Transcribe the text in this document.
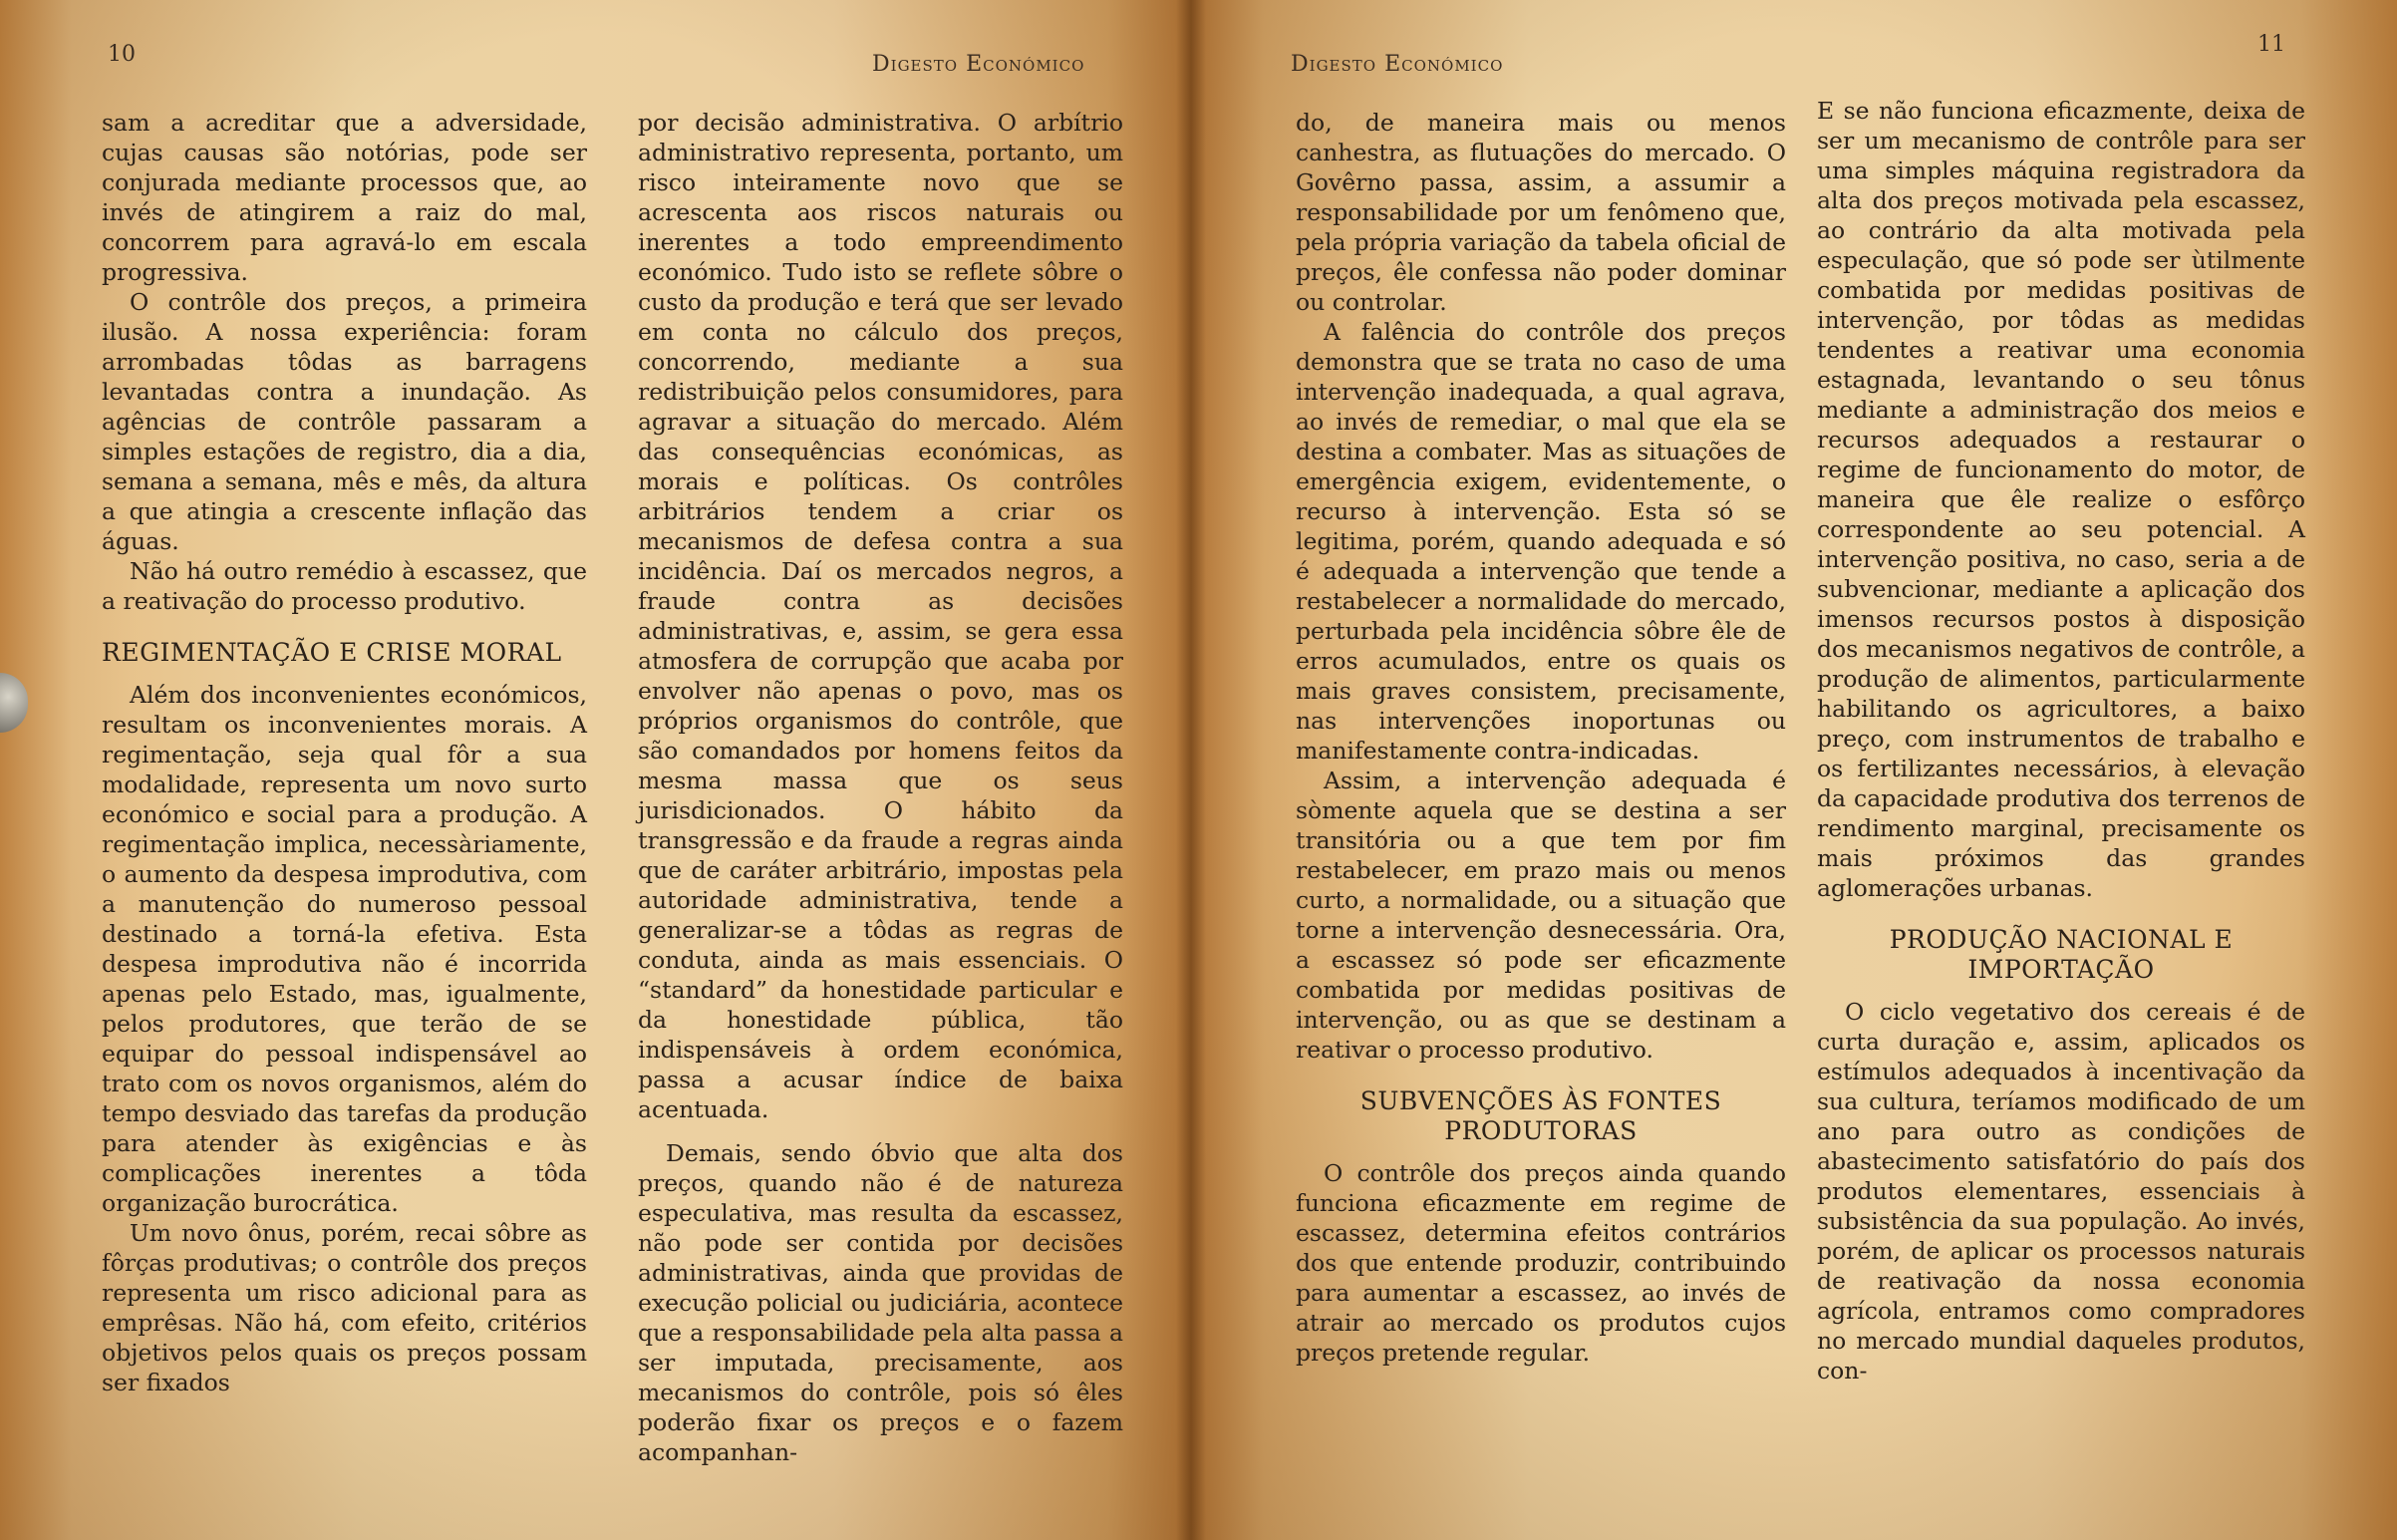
10	Digesto Económico

sam a acreditar que a adversidade, cujas causas são notórias, pode ser conjurada mediante processos que, ao invés de atingirem a raiz do mal, concorrem para agravá-lo em escala progressiva.

O contrôle dos preços, a primeira ilusão. A nossa experiência: foram arrombadas tôdas as barragens levantadas contra a inundação. As agências de contrôle passaram a simples estações de registro, dia a dia, semana a semana, mês e mês, da altura a que atingia a crescente inflação das águas.

Não há outro remédio à escassez, que a reativação do processo produtivo.

REGIMENTAÇÃO E CRISE MORAL

Além dos inconvenientes económicos, resultam os inconvenientes morais. A regimentação, seja qual fôr a sua modalidade, representa um novo surto económico e social para a produção. A regimentação implica, necessàriamente, o aumento da despesa improdutiva, com a manutenção do numeroso pessoal destinado a torná-la efetiva. Esta despesa improdutiva não é incorrida apenas pelo Estado, mas, igualmente, pelos produtores, que terão de se equipar do pessoal indispensável ao trato com os novos organismos, além do tempo desviado das tarefas da produção para atender às exigências e às complicações inerentes a tôda organização burocrática.

Um novo ônus, porém, recai sôbre as fôrças produtivas; o contrôle dos preços representa um risco adicional para as emprêsas. Não há, com efeito, critérios objetivos pelos quais os preços possam ser fixados

por decisão administrativa. O arbítrio administrativo representa, portanto, um risco inteiramente novo que se acrescenta aos riscos naturais ou inerentes a todo empreendimento económico. Tudo isto se reflete sôbre o custo da produção e terá que ser levado em conta no cálculo dos preços, concorrendo, mediante a sua redistribuição pelos consumidores, para agravar a situação do mercado. Além das consequências económicas, as morais e políticas. Os contrôles arbitrários tendem a criar os mecanismos de defesa contra a sua incidência. Daí os mercados negros, a fraude contra as decisões administrativas, e, assim, se gera essa atmosfera de corrupção que acaba por envolver não apenas o povo, mas os próprios organismos do contrôle, que são comandados por homens feitos da mesma massa que os seus jurisdicionados. O hábito da transgressão e da fraude a regras ainda que de caráter arbitrário, impostas pela autoridade administrativa, tende a generalizar-se a tôdas as regras de conduta, ainda as mais essenciais. O “standard” da honestidade particular e da honestidade pública, tão indispensáveis à ordem económica, passa a acusar índice de baixa acentuada.

Demais, sendo óbvio que alta dos preços, quando não é de natureza especulativa, mas resulta da escassez, não pode ser contida por decisões administrativas, ainda que providas de execução policial ou judiciária, acontece que a responsabilidade pela alta passa a ser imputada, precisamente, aos mecanismos do contrôle, pois só êles poderão fixar os preços e o fazem acompanhan-

Digesto Económico
11

do, de maneira mais ou menos canhestra, as flutuações do mercado. O Govêrno passa, assim, a assumir a responsabilidade por um fenômeno que, pela própria variação da tabela oficial de preços, êle confessa não poder dominar ou controlar.

A falência do contrôle dos preços demonstra que se trata no caso de uma intervenção inadequada, a qual agrava, ao invés de remediar, o mal que ela se destina a combater. Mas as situações de emergência exigem, evidentemente, o recurso à intervenção. Esta só se legitima, porém, quando adequada e só é adequada a intervenção que tende a restabelecer a normalidade do mercado, perturbada pela incidência sôbre êle de erros acumulados, entre os quais os mais graves consistem, precisamente, nas intervenções inoportunas ou manifestamente contra-indicadas.

Assim, a intervenção adequada é sòmente aquela que se destina a ser transitória ou a que tem por fim restabelecer, em prazo mais ou menos curto, a normalidade, ou a situação que torne a intervenção desnecessária. Ora, a escassez só pode ser eficazmente combatida por medidas positivas de intervenção, ou as que se destinam a reativar o processo produtivo.

SUBVENÇÕES ÀS FONTES PRODUTORAS

O contrôle dos preços ainda quando funciona eficazmente em regime de escassez, determina efeitos contrários dos que entende produzir, contribuindo para aumentar a escassez, ao invés de atrair ao mercado os produtos cujos preços pretende regular.

E se não funciona eficazmente, deixa de ser um mecanismo de contrôle para ser uma simples máquina registradora da alta dos preços motivada pela escassez, ao contrário da alta motivada pela especulação, que só pode ser ùtilmente combatida por medidas positivas de intervenção, por tôdas as medidas tendentes a reativar uma economia estagnada, levantando o seu tônus mediante a administração dos meios e recursos adequados a restaurar o regime de funcionamento do motor, de maneira que êle realize o esfôrço correspondente ao seu potencial. A intervenção positiva, no caso, seria a de subvencionar, mediante a aplicação dos imensos recursos postos à disposição dos mecanismos negativos de contrôle, a produção de alimentos, particularmente habilitando os agricultores, a baixo preço, com instrumentos de trabalho e os fertilizantes necessários, à elevação da capacidade produtiva dos terrenos de rendimento marginal, precisamente os mais próximos das grandes aglomerações urbanas.

PRODUÇÃO NACIONAL E IMPORTAÇÃO

O ciclo vegetativo dos cereais é de curta duração e, assim, aplicados os estímulos adequados à incentivação da sua cultura, teríamos modificado de um ano para outro as condições de abastecimento satisfatório do país dos produtos elementares, essenciais à subsistência da sua população. Ao invés, porém, de aplicar os processos naturais de reativação da nossa economia agrícola, entramos como compradores no mercado mundial daqueles produtos, con-
